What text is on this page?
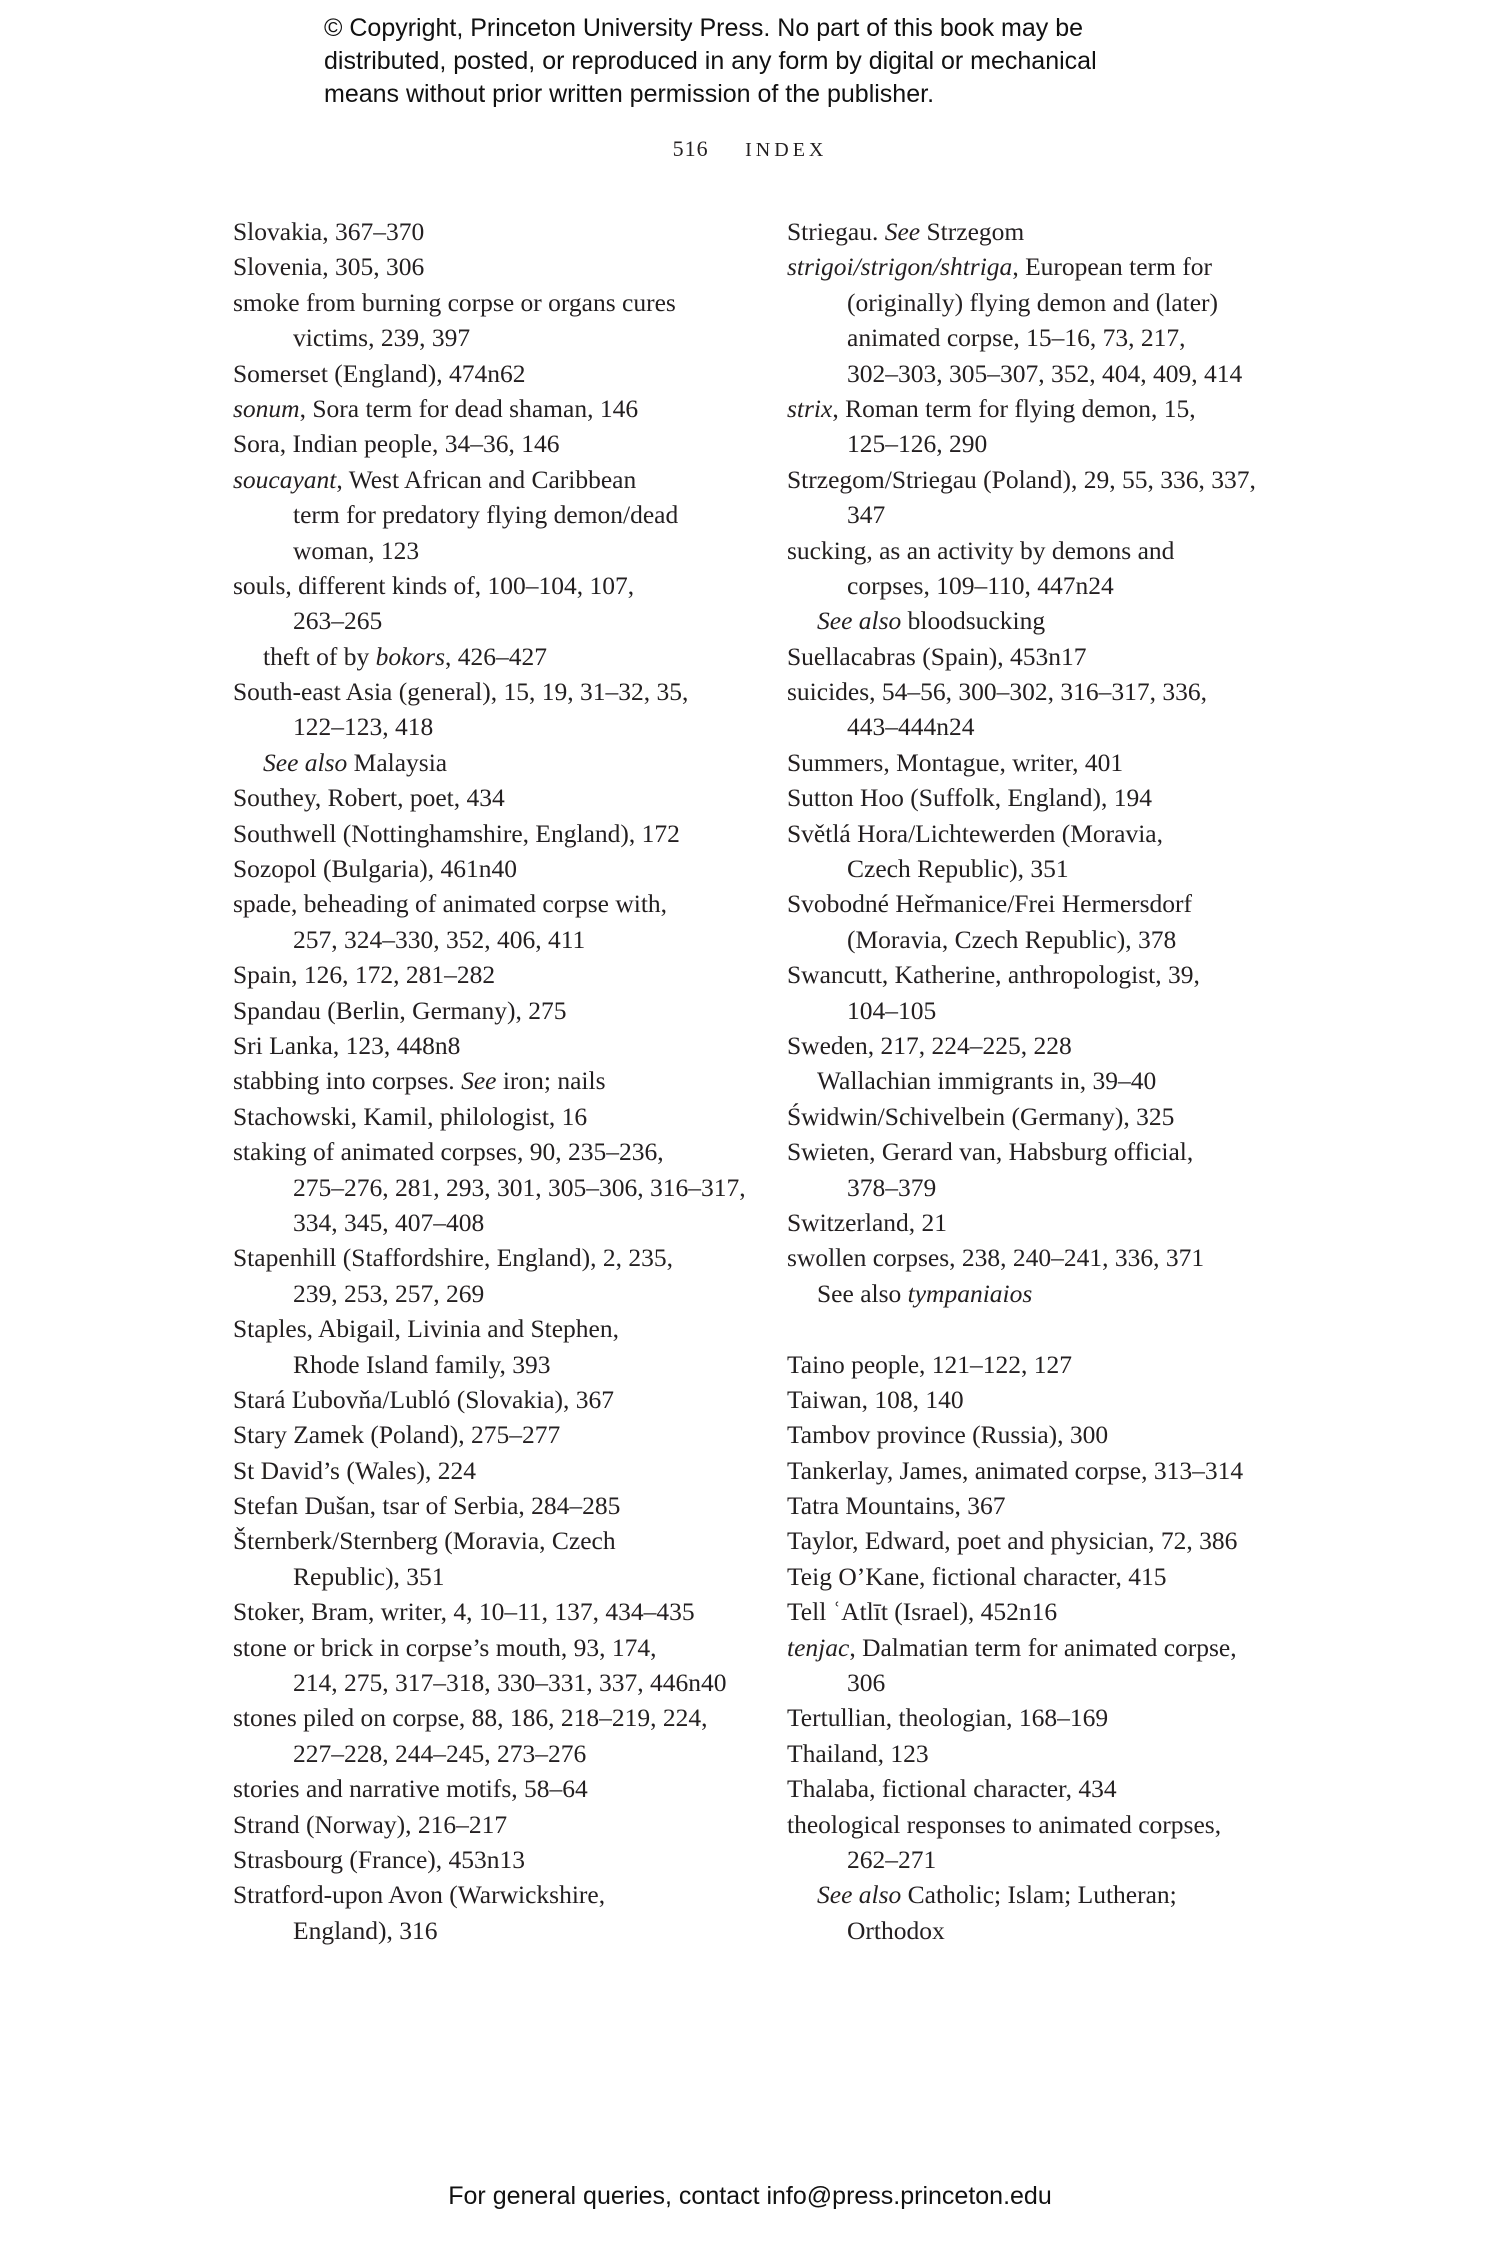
© Copyright, Princeton University Press. No part of this book may be
distributed, posted, or reproduced in any form by digital or mechanical
means without prior written permission of the publisher.
516 INDEX
Slovakia, 367–370
Slovenia, 305, 306
smoke from burning corpse or organs cures
victims, 239, 397
Somerset (England), 474n62
sonum, Sora term for dead shaman, 146
Sora, Indian people, 34–36, 146
soucayant, West African and Caribbean
term for predatory flying demon/dead
woman, 123
souls, different kinds of, 100–104, 107,
263–265
theft of by bokors, 426–427
South-east Asia (general), 15, 19, 31–32, 35,
122–123, 418
See also Malaysia
Southey, Robert, poet, 434
Southwell (Nottinghamshire, England), 172
Sozopol (Bulgaria), 461n40
spade, beheading of animated corpse with,
257, 324–330, 352, 406, 411
Spain, 126, 172, 281–282
Spandau (Berlin, Germany), 275
Sri Lanka, 123, 448n8
stabbing into corpses. See iron; nails
Stachowski, Kamil, philologist, 16
staking of animated corpses, 90, 235–236,
275–276, 281, 293, 301, 305–306, 316–317,
334, 345, 407–408
Stapenhill (Staffordshire, England), 2, 235,
239, 253, 257, 269
Staples, Abigail, Livinia and Stephen,
Rhode Island family, 393
Stará Ľubovňa/Lubló (Slovakia), 367
Stary Zamek (Poland), 275–277
St David’s (Wales), 224
Stefan Dušan, tsar of Serbia, 284–285
Šternberk/Sternberg (Moravia, Czech
Republic), 351
Stoker, Bram, writer, 4, 10–11, 137, 434–435
stone or brick in corpse’s mouth, 93, 174,
214, 275, 317–318, 330–331, 337, 446n40
stones piled on corpse, 88, 186, 218–219, 224,
227–228, 244–245, 273–276
stories and narrative motifs, 58–64
Strand (Norway), 216–217
Strasbourg (France), 453n13
Stratford-upon Avon (Warwickshire,
England), 316
Striegau. See Strzegom
strigoi/strigon/shtriga, European term for
(originally) flying demon and (later)
animated corpse, 15–16, 73, 217,
302–303, 305–307, 352, 404, 409, 414
strix, Roman term for flying demon, 15,
125–126, 290
Strzegom/Striegau (Poland), 29, 55, 336, 337,
347
sucking, as an activity by demons and
corpses, 109–110, 447n24
See also bloodsucking
Suellacabras (Spain), 453n17
suicides, 54–56, 300–302, 316–317, 336,
443–444n24
Summers, Montague, writer, 401
Sutton Hoo (Suffolk, England), 194
Světlá Hora/Lichtewerden (Moravia,
Czech Republic), 351
Svobodné Heřmanice/Frei Hermersdorf
(Moravia, Czech Republic), 378
Swancutt, Katherine, anthropologist, 39,
104–105
Sweden, 217, 224–225, 228
Wallachian immigrants in, 39–40
Świdwin/Schivelbein (Germany), 325
Swieten, Gerard van, Habsburg official,
378–379
Switzerland, 21
swollen corpses, 238, 240–241, 336, 371
See also tympaniaios
Taino people, 121–122, 127
Taiwan, 108, 140
Tambov province (Russia), 300
Tankerlay, James, animated corpse, 313–314
Tatra Mountains, 367
Taylor, Edward, poet and physician, 72, 386
Teig O’Kane, fictional character, 415
Tell ʿAtlīt (Israel), 452n16
tenjac, Dalmatian term for animated corpse,
306
Tertullian, theologian, 168–169
Thailand, 123
Thalaba, fictional character, 434
theological responses to animated corpses,
262–271
See also Catholic; Islam; Lutheran;
Orthodox
For general queries, contact info@press.princeton.edu
